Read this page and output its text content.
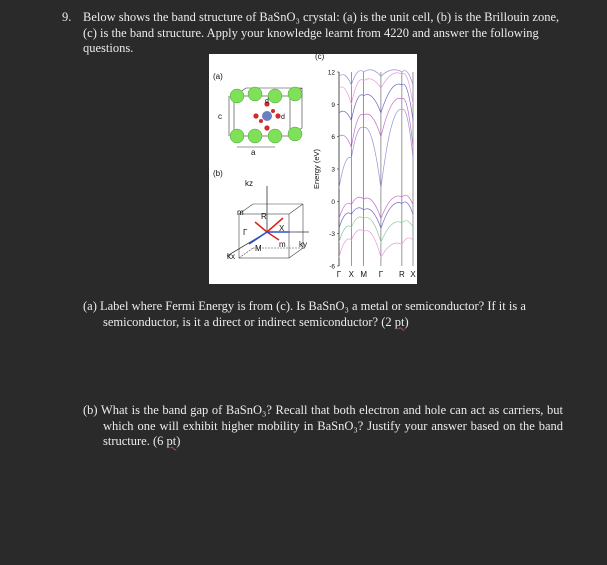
9. Below shows the band structure of BaSnO₃ crystal: (a) is the unit cell, (b) is the Brillouin zone, (c) is the band structure. Apply your knowledge learnt from 4220 and answer the following questions.
(a)
(b)
(c)
c
a
d
d
kz
kx
ky
m
m
R
X
Γ
M
12
9
6
3
0
-3
-6
Γ X M Γ R X
Energy (eV)
(a) Label where Fermi Energy is from (c). Is BaSnO₃ a metal or semiconductor? If it is a semiconductor, is it a direct or indirect semiconductor? (2 pt)
(b) What is the band gap of BaSnO₃? Recall that both electron and hole can act as carriers, but which one will exhibit higher mobility in BaSnO₃? Justify your answer based on the band structure. (6 pt)
